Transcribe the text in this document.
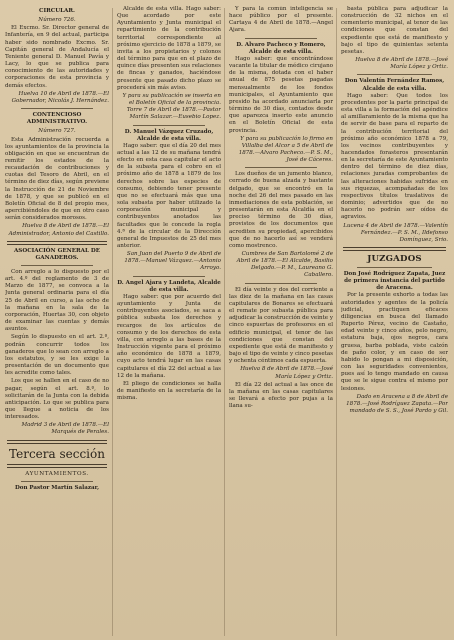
CIRCULAR.
Número 726.

El Excmo. Sr. Director general de Infantería, en 9 del actual, participa haber sido nombrado Excmo. Sr. Capitán general de Andalucía el Teniente general D. Manuel Pavía y Lacy, lo que se publica para conocimiento de las autoridades y corporaciones de esta provincia y demás efectos.

Huelva 10 de Abril de 1878.—El Gobernador, Nicolás J. Hernández.

CONTENCIOSO ADMINISTRATIVO.
Número 727.

Esta Administración recuerda a los ayuntamientos de la provincia la obligación en que se encuentran de remitir los estados de la recaudación de contribuciones y cuotas del Tesoro de Abril, en el término de diez días, según previene la Instrucción de 21 de Noviembre de 1878, y que se publicó en el Boletín Oficial de 8 del propio mes, apercibiéndoles de que en otro caso serán considerados morosos.

Huelva 8 de Abril de 1878.—El Administrador, Antonio del Castillo.

ASOCIACIÓN GENERAL DE GANADEROS.

Con arreglo a lo dispuesto por el art. 4.º del reglamento de 3 de Marzo de 1877, se convoca a la Junta general ordinaria para el día 25 de Abril en curso, a las ocho de la mañana en la sala de la corporación, Huertas 30, con objeto de examinar las cuentas y demás asuntos.

Según lo dispuesto en el art. 2.º, podrán concurrir todos los ganaderos que lo sean con arreglo a los estatutos, y se les exige la presentación de un documento que les acredite como tales.

Los que se hallen en el caso de no pagar, según el art. 8.º, lo solicitarán de la Junta con la debida anticipación. Lo que se publica para que llegue a noticia de los interesados.

Madrid 3 de Abril de 1878.—El Marqués de Perales.

Tercera sección
AYUNTAMIENTOS.
Don Pastor Martín Salazar,

Alcalde de esta villa. Hago saber: Que acordado por este Ayuntamiento y Junta municipal el repartimiento de la contribución territorial correspondiente al próximo ejercicio de 1878 a 1879, se invita a los propietarios y colonos del término para que en el plazo de quince días presenten sus relaciones de fincas y ganados, haciéndose presente que pasado dicho plazo se procederá sin más aviso.

Y para su publicación se inserta en el Boletín Oficial de la provincia. Torre 7 de Abril de 1878.—Pastor Martín Salazar.—Eusebio Lopez.

D. Manuel Vázquez Cruzado, Alcalde de esta villa.

Hago saber: que el día 20 del mes actual a las 12 de su mañana tendrá efecto en esta casa capitular el acto de la subasta para el cobro en el próximo año de 1878 a 1879 de los derechos sobre las especies de consumo, debiendo tener presente que no se efectuará más que una sola subasta por haber utilizado la corporación municipal y contribuyentes anotados las facultades que le concede la regla 4.ª de la circular de la Dirección general de Impuestos de 25 del mes anterior.

San Juan del Puerto 9 de Abril de 1878.—Manuel Vázquez.—Antonio Arroyo.

D. Angel Ajara y Landeta, Alcalde de esta villa.

Hago saber: que por acuerdo del ayuntamiento y Junta de contribuyentes asociados, se saca a pública subasta los derechos y recargos de los artículos de consumo y de los derechos de esta villa, con arreglo a las bases de la Instrucción vigente para el próximo año económico de 1878 a 1879, cuyo acto tendrá lugar en las casas capitulares el día 22 del actual a las 12 de la mañana.

El pliego de condiciones se halla de manifiesto en la secretaría de la misma.

Y para la común inteligencia se hace público por el presente. Cartaya 4 de Abril de 1878.—Angel Ajara.

D. Alvaro Pacheco y Romero, Alcalde de esta villa.

Hago saber: que encontrándose vacante la titular de médico cirujano de la misma, dotada con el haber anual de 875 pesetas pagadas mensualmente de los fondos municipales, el Ayuntamiento que presido ha acordado anunciarla por término de 30 días, contados desde que aparezca inserto este anuncio en el Boletín Oficial de esta provincia.

Y para su publicación lo firmo en Villalba del Alcor a 5 de Abril de 1878.—Alvaro Pacheco.—P. S. M., José de Cáceres.

Los dueños de un jumento blanco, cerrado de buena alzada y bastante delgado, que se encontró en la noche del 26 del mes pasado en las inmediaciones de esta población, se presentarán en esta Alcaldía en el preciso término de 30 días, provistos de los documentos que acrediten su propiedad, apercibidos que de no hacerlo así se venderá como mostrenco.

Cumbres de San Bartolomé 2 de Abril de 1878.—El Alcalde, Basilio Delgado.—P. M., Laureano G. Caballero.

El día veinte y dos del corriente a las diez de la mañana en las casas capitulares de Bonares se efectuará el remate por subasta pública para adjudicar la construcción de veinte y cinco espuertas de profesores en el edificio municipal, el tenor de las condiciones que constan del expediente que está de manifiesto y bajo el tipo de veinte y cinco pesetas y ochenta céntimos cada espuerta.

Huelva 8 de Abril de 1878.—José María López y Ortiz.

El día 22 del actual a las once de la mañana en las casas capitulares se llevará a efecto por pujas a la llana su-

basta pública para adjudicar la construcción de 32 nichos en el cementerio municipal, al tenor de las condiciones que constan del expediente que está de manifiesto y bajo el tipo de quinientas setenta pesetas.

Huelva 8 de Abril de 1878.—José María López y Ortiz.

Don Valentín Fernández Ramos, Alcalde de esta villa.

Hago saber: Que todos los procedentes por la parte principal de esta villa a la formación del apéndice al amillaramiento de la misma que ha de servir de base para el reparto de la contribución territorial del próximo año económico 1878 a 79, los vecinos contribuyentes y hacendados forasteros presentarán en la secretaría de este Ayuntamiento dentro del término de diez días, relaciones juradas comprobantes de las alteraciones habidas sufridas en sus riquezas, acompañadas de los respectivos títulos traslativos de dominio; advertidos que de no hacerlo no podrán ser oídos de agravios.

Lucena 4 de Abril de 1878.—Valentín Fernández.—P. S. M., Ildefonso Domínguez, Srio.

JUZGADOS
Don José Rodríguez Zapata, Juez de primera instancia del partido de Aracena.

Por la presente exhorto a todas las autoridades y agentes de la policía judicial, practiquen eficaces diligencias en busca del llamado Ruperto Pérez, vecino de Castaño, edad veinte y cinco años, pelo negro, estatura baja, ojos negros, cara gruesa, barba poblada, viste calzón de paño color, y en caso de ser habido lo pongan a mi disposición, con las seguridades convenientes, pues así lo tengo mandado en causa que se le sigue contra el mismo por lesiones.

Dado en Aracena a 8 de Abril de 1878.—José Rodríguez Zapata.—Por mandado de S. S., José Pardo y Gil.
